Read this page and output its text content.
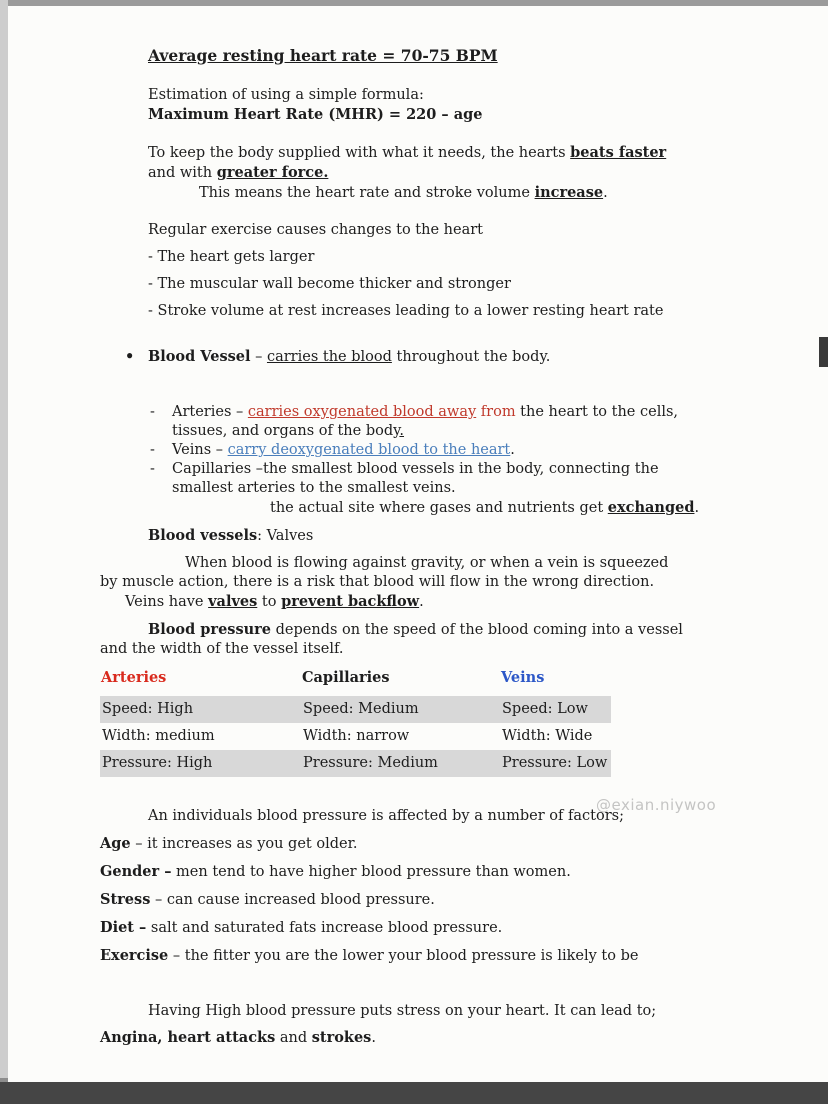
Average resting heart rate = 70-75 BPM

Estimation of using a simple formula:
Maximum Heart Rate (MHR) = 220 – age

To keep the body supplied with what it needs, the hearts beats faster
and with greater force.

This means the heart rate and stroke volume increase.

Regular exercise causes changes to the heart

- The heart gets larger

- The muscular wall become thicker and stronger

- Stroke volume at rest increases leading to a lower resting heart rate

• Blood Vessel – carries the blood throughout the body.
-	Arteries – carries oxygenated blood away from the heart to the cells,
tissues, and organs of the body.
-	Veins – carry deoxygenated blood to the heart.
-	Capillaries –the smallest blood vessels in the body, connecting the
smallest arteries to the smallest veins.

the actual site where gases and nutrients get exchanged.

Blood vessels: Valves

When blood is flowing against gravity, or when a vein is squeezed
by muscle action, there is a risk that blood will flow in the wrong direction.

Veins have valves to prevent backflow.

Blood pressure depends on the speed of the blood coming into a vessel
and the width of the vessel itself.

Arteries	Capillaries	Veins
Speed: High	Speed: Medium	Speed: Low
Width: medium	Width: narrow	Width: Wide
Pressure: High	Pressure: Medium	Pressure: Low

An individuals blood pressure is affected by a number of factors;

Age – it increases as you get older.

Gender – men tend to have higher blood pressure than women.

Stress – can cause increased blood pressure.

Diet – salt and saturated fats increase blood pressure.

Exercise – the fitter you are the lower your blood pressure is likely to be

Having High blood pressure puts stress on your heart. It can lead to;

Angina, heart attacks and strokes.

@exian.niywoo
